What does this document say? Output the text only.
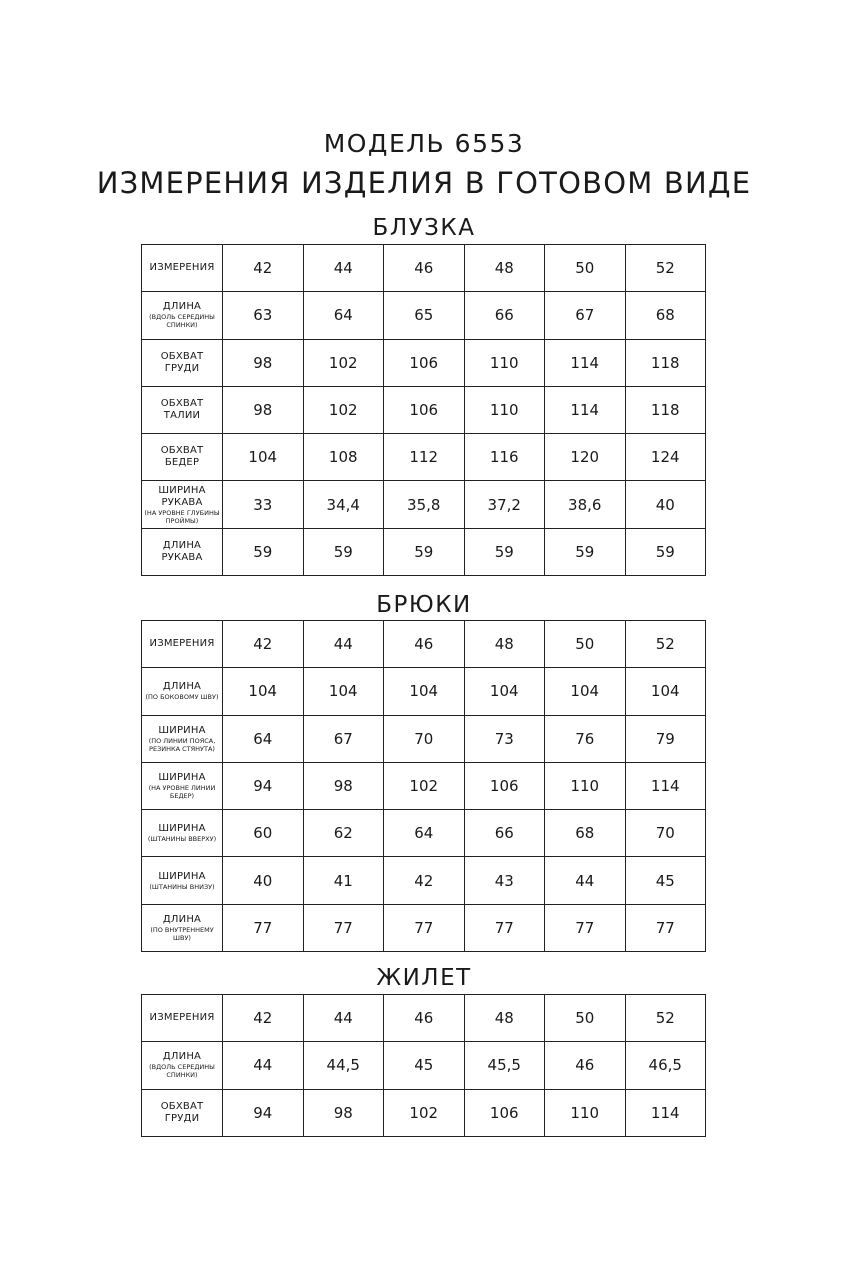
МОДЕЛЬ 6553
ИЗМЕРЕНИЯ ИЗДЕЛИЯ В ГОТОВОМ ВИДЕ
БЛУЗКА
ИЗМЕРЕНИЯ	42	44	46	48	50	52

ДЛИНА
(ВДОЛЬ СЕРЕДИНЫ СПИНКИ)	63	64	65	66	67	68

ОБХВАТ
ГРУДИ	98	102	106	110	114	118

ОБХВАТ
ТАЛИИ	98	102	106	110	114	118

ОБХВАТ
БЕДЕР	104	108	112	116	120	124

ШИРИНА
РУКАВА
(НА УРОВНЕ ГЛУБИНЫ ПРОЙМЫ)	33	34,4	35,8	37,2	38,6	40

ДЛИНА
РУКАВА	59	59	59	59	59	59
БРЮКИ
ИЗМЕРЕНИЯ	42	44	46	48	50	52

ДЛИНА
(ПО БОКОВОМУ ШВУ)	104	104	104	104	104	104

ШИРИНА
(ПО ЛИНИИ ПОЯСА, РЕЗИНКА СТЯНУТА)	64	67	70	73	76	79

ШИРИНА
(НА УРОВНЕ ЛИНИИ БЕДЕР)	94	98	102	106	110	114

ШИРИНА
(ШТАНИНЫ ВВЕРХУ)	60	62	64	66	68	70

ШИРИНА
(ШТАНИНЫ ВНИЗУ)	40	41	42	43	44	45

ДЛИНА
(ПО ВНУТРЕННЕМУ ШВУ)	77	77	77	77	77	77
ЖИЛЕТ
ИЗМЕРЕНИЯ	42	44	46	48	50	52

ДЛИНА
(ВДОЛЬ СЕРЕДИНЫ СПИНКИ)	44	44,5	45	45,5	46	46,5

ОБХВАТ
ГРУДИ	94	98	102	106	110	114
